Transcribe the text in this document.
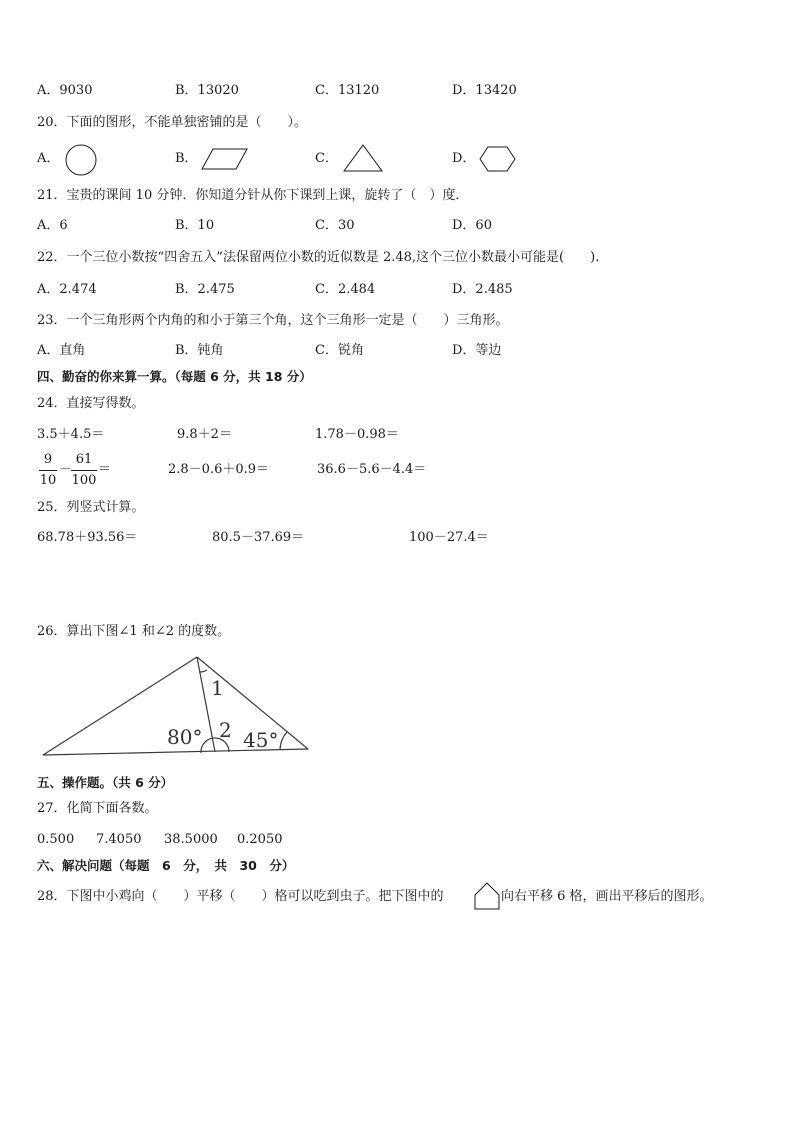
A．9030	B．13020	C．13120	D．13420
20．下面的图形，不能单独密铺的是（　　）。
A．	B．	C．	D．
21．宝贵的课间 10 分钟．你知道分针从你下课到上课，旋转了（　）度．
A．6	B．10	C．30	D．60
22．一个三位小数按“四舍五入”法保留两位小数的近似数是 2.48,这个三位小数最小可能是(　　).
A．2.474	B．2.475	C．2.484	D．2.485
23．一个三角形两个内角的和小于第三个角，这个三角形一定是（　　）三角形。
A．直角	B．钝角	C．锐角	D．等边
四、勤奋的你来算一算。（每题 6 分，共 18 分）
24．直接写得数。
3.5＋4.5＝	9.8＋2＝	1.78－0.98＝
9
10
－
61
100
＝	2.8－0.6＋0.9＝	36.6－5.6－4.4＝
25．列竖式计算。
68.78＋93.56＝	80.5－37.69＝	100－27.4＝
26．算出下图∠1 和∠2 的度数。
1
80° 2 45°
五、操作题。（共 6 分）
27．化简下面各数。
0.500 7.4050 38.5000 0.2050
六、解决问题（每题　6　分，　共　30　分）
28．下图中小鸡向（　　）平移（　　）格可以吃到虫子。把下图中的	向右平移 6 格，画出平移后的图形。
